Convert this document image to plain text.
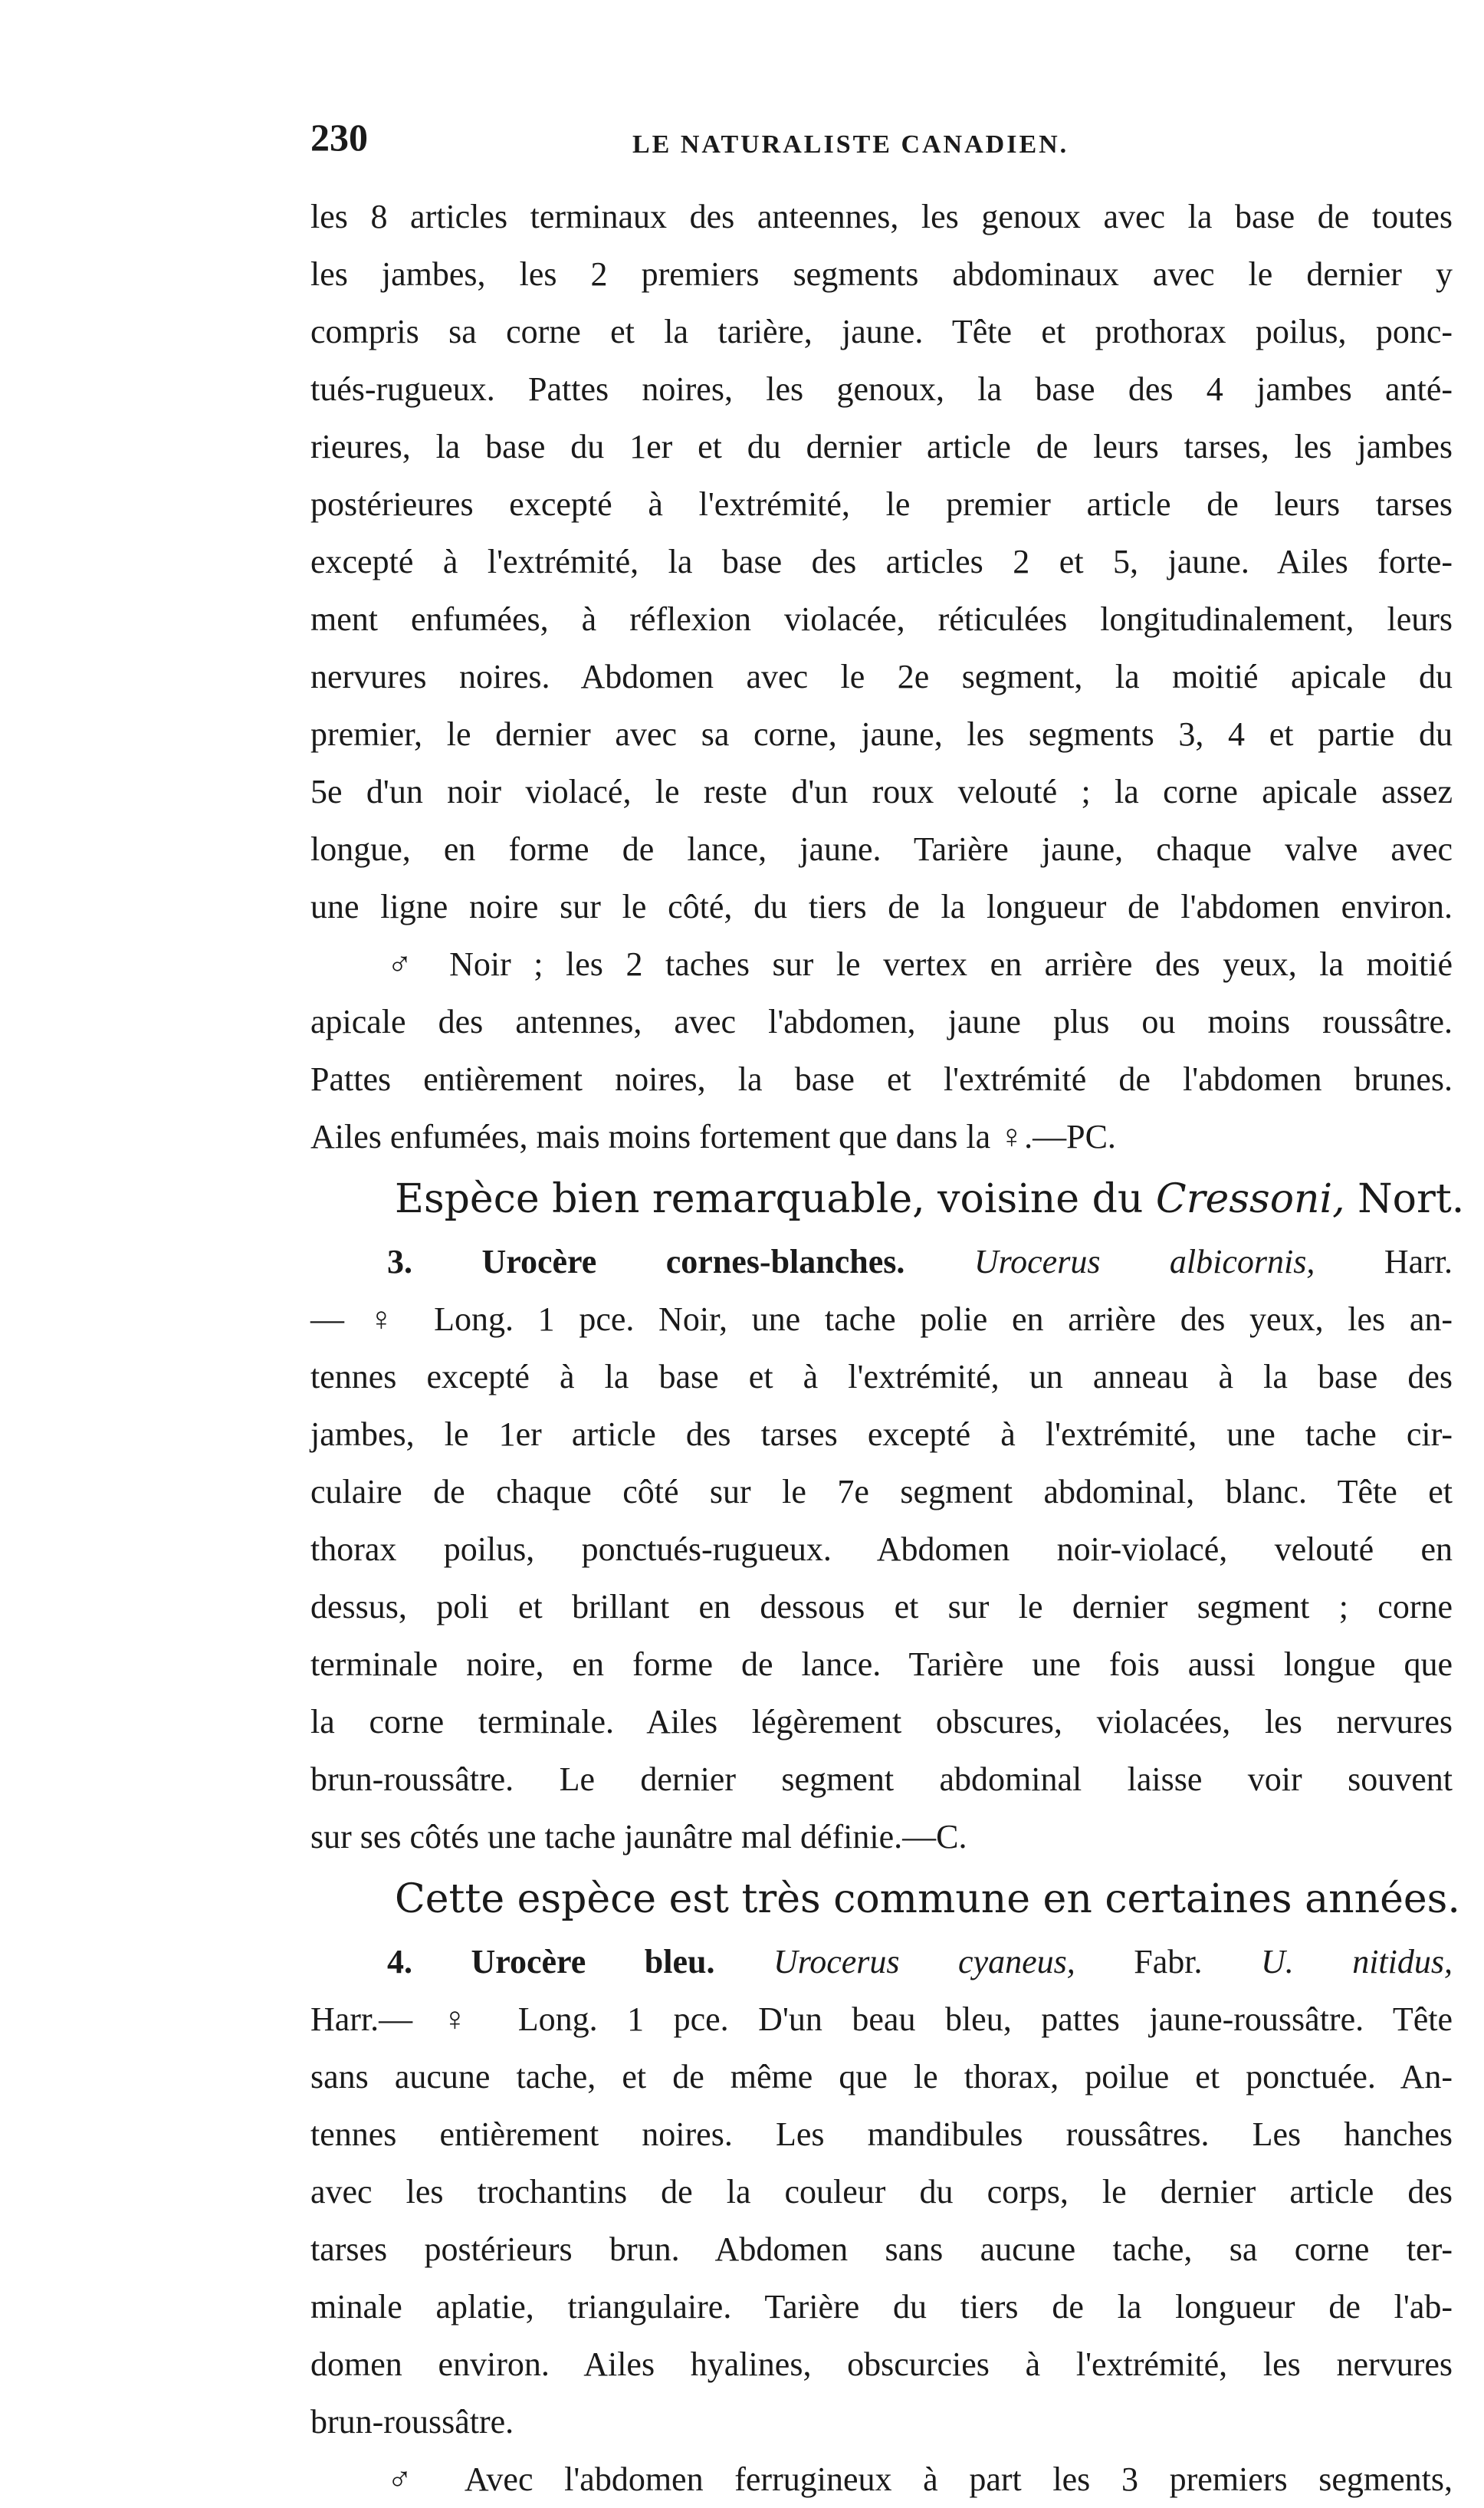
230	LE NATURALISTE CANADIEN.
les 8 articles terminaux des anteennes, les genoux avec la base de toutes
les jambes, les 2 premiers segments abdominaux avec le dernier y
compris sa corne et la tarière, jaune. Tête et prothorax poilus, ponc-
tués-rugueux. Pattes noires, les genoux, la base des 4 jambes anté-
rieures, la base du 1er et du dernier article de leurs tarses, les jambes
postérieures excepté à l'extrémité, le premier article de leurs tarses
excepté à l'extrémité, la base des articles 2 et 5, jaune. Ailes forte-
ment enfumées, à réflexion violacée, réticulées longitudinalement, leurs
nervures noires. Abdomen avec le 2e segment, la moitié apicale du
premier, le dernier avec sa corne, jaune, les segments 3, 4 et partie du
5e d'un noir violacé, le reste d'un roux velouté ; la corne apicale assez
longue, en forme de lance, jaune. Tarière jaune, chaque valve avec
une ligne noire sur le côté, du tiers de la longueur de l'abdomen environ.
♂ Noir ; les 2 taches sur le vertex en arrière des yeux, la moitié
apicale des antennes, avec l'abdomen, jaune plus ou moins roussâtre.
Pattes entièrement noires, la base et l'extrémité de l'abdomen brunes.
Ailes enfumées, mais moins fortement que dans la ♀.—PC.
Espèce bien remarquable, voisine du Cressoni, Nort.
3. Urocère cornes-blanches. Urocerus albicornis, Harr.
— ♀ Long. 1 pce. Noir, une tache polie en arrière des yeux, les an-
tennes excepté à la base et à l'extrémité, un anneau à la base des
jambes, le 1er article des tarses excepté à l'extrémité, une tache cir-
culaire de chaque côté sur le 7e segment abdominal, blanc. Tête et
thorax poilus, ponctués-rugueux. Abdomen noir-violacé, velouté en
dessus, poli et brillant en dessous et sur le dernier segment ; corne
terminale noire, en forme de lance. Tarière une fois aussi longue que
la corne terminale. Ailes légèrement obscures, violacées, les nervures
brun-roussâtre. Le dernier segment abdominal laisse voir souvent
sur ses côtés une tache jaunâtre mal définie.—C.
Cette espèce est très commune en certaines années.
4. Urocère bleu. Urocerus cyaneus, Fabr. U. nitidus,
Harr.— ♀ Long. 1 pce. D'un beau bleu, pattes jaune-roussâtre. Tête
sans aucune tache, et de même que le thorax, poilue et ponctuée. An-
tennes entièrement noires. Les mandibules roussâtres. Les hanches
avec les trochantins de la couleur du corps, le dernier article des
tarses postérieurs brun. Abdomen sans aucune tache, sa corne ter-
minale aplatie, triangulaire. Tarière du tiers de la longueur de l'ab-
domen environ. Ailes hyalines, obscurcies à l'extrémité, les nervures
brun-roussâtre.
♂ Avec l'abdomen ferrugineux à part les 3 premiers segments,
